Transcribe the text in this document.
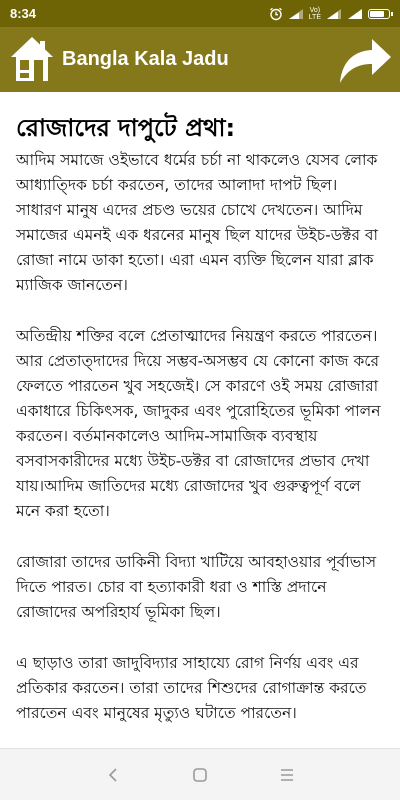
8:34	Vo)
LTE
Bangla Kala Jadu
রোজাদের দাপুটে প্রথা:

আদিম সমাজে ওইভাবে ধর্মের চর্চা না থাকলেও যেসব লোক আধ্যাত্দিক চর্চা করতেন, তাদের আলাদা দাপট ছিল। সাধারণ মানুষ এদের প্রচণ্ড ভয়ের চোখে দেখতেন। আদিম সমাজের এমনই এক ধরনের মানুষ ছিল যাদের উইচ-ডক্টর বা রোজা নামে ডাকা হতো। এরা এমন ব্যক্তি ছিলেন যারা ব্লাক ম্যাজিক জানতেন।

অতিন্দ্রীয় শক্তির বলে প্রেতাত্মাদের নিয়ন্ত্রণ করতে পারতেন। আর প্রেতাত্দাদের দিয়ে সম্ভব-অসম্ভব যে কোনো কাজ করে ফেলতে পারতেন খুব সহজেই। সে কারণে ওই সময় রোজারা একাধারে চিকিৎসক, জাদুকর এবং পুরোহিতের ভূমিকা পালন করতেন। বর্তমানকালেও আদিম-সামাজিক ব্যবস্থায় বসবাসকারীদের মধ্যে উইচ-ডক্টর বা রোজাদের প্রভাব দেখা যায়।আদিম জাতিদের মধ্যে রোজাদের খুব গুরুত্বপূর্ণ বলে মনে করা হতো।

রোজারা তাদের ডাকিনী বিদ্যা খাটিয়ে আবহাওয়ার পূর্বাভাস দিতে পারত। চোর বা হত্যাকারী ধরা ও শাস্তি প্রদানে রোজাদের অপরিহার্য ভূমিকা ছিল।

এ ছাড়াও তারা জাদুবিদ্যার সাহায্যে রোগ নির্ণয় এবং এর প্রতিকার করতেন। তারা তাদের শিশুদের রোগাক্রান্ত করতে পারতেন এবং মানুষের মৃত্যুও ঘটাতে পারতেন।
